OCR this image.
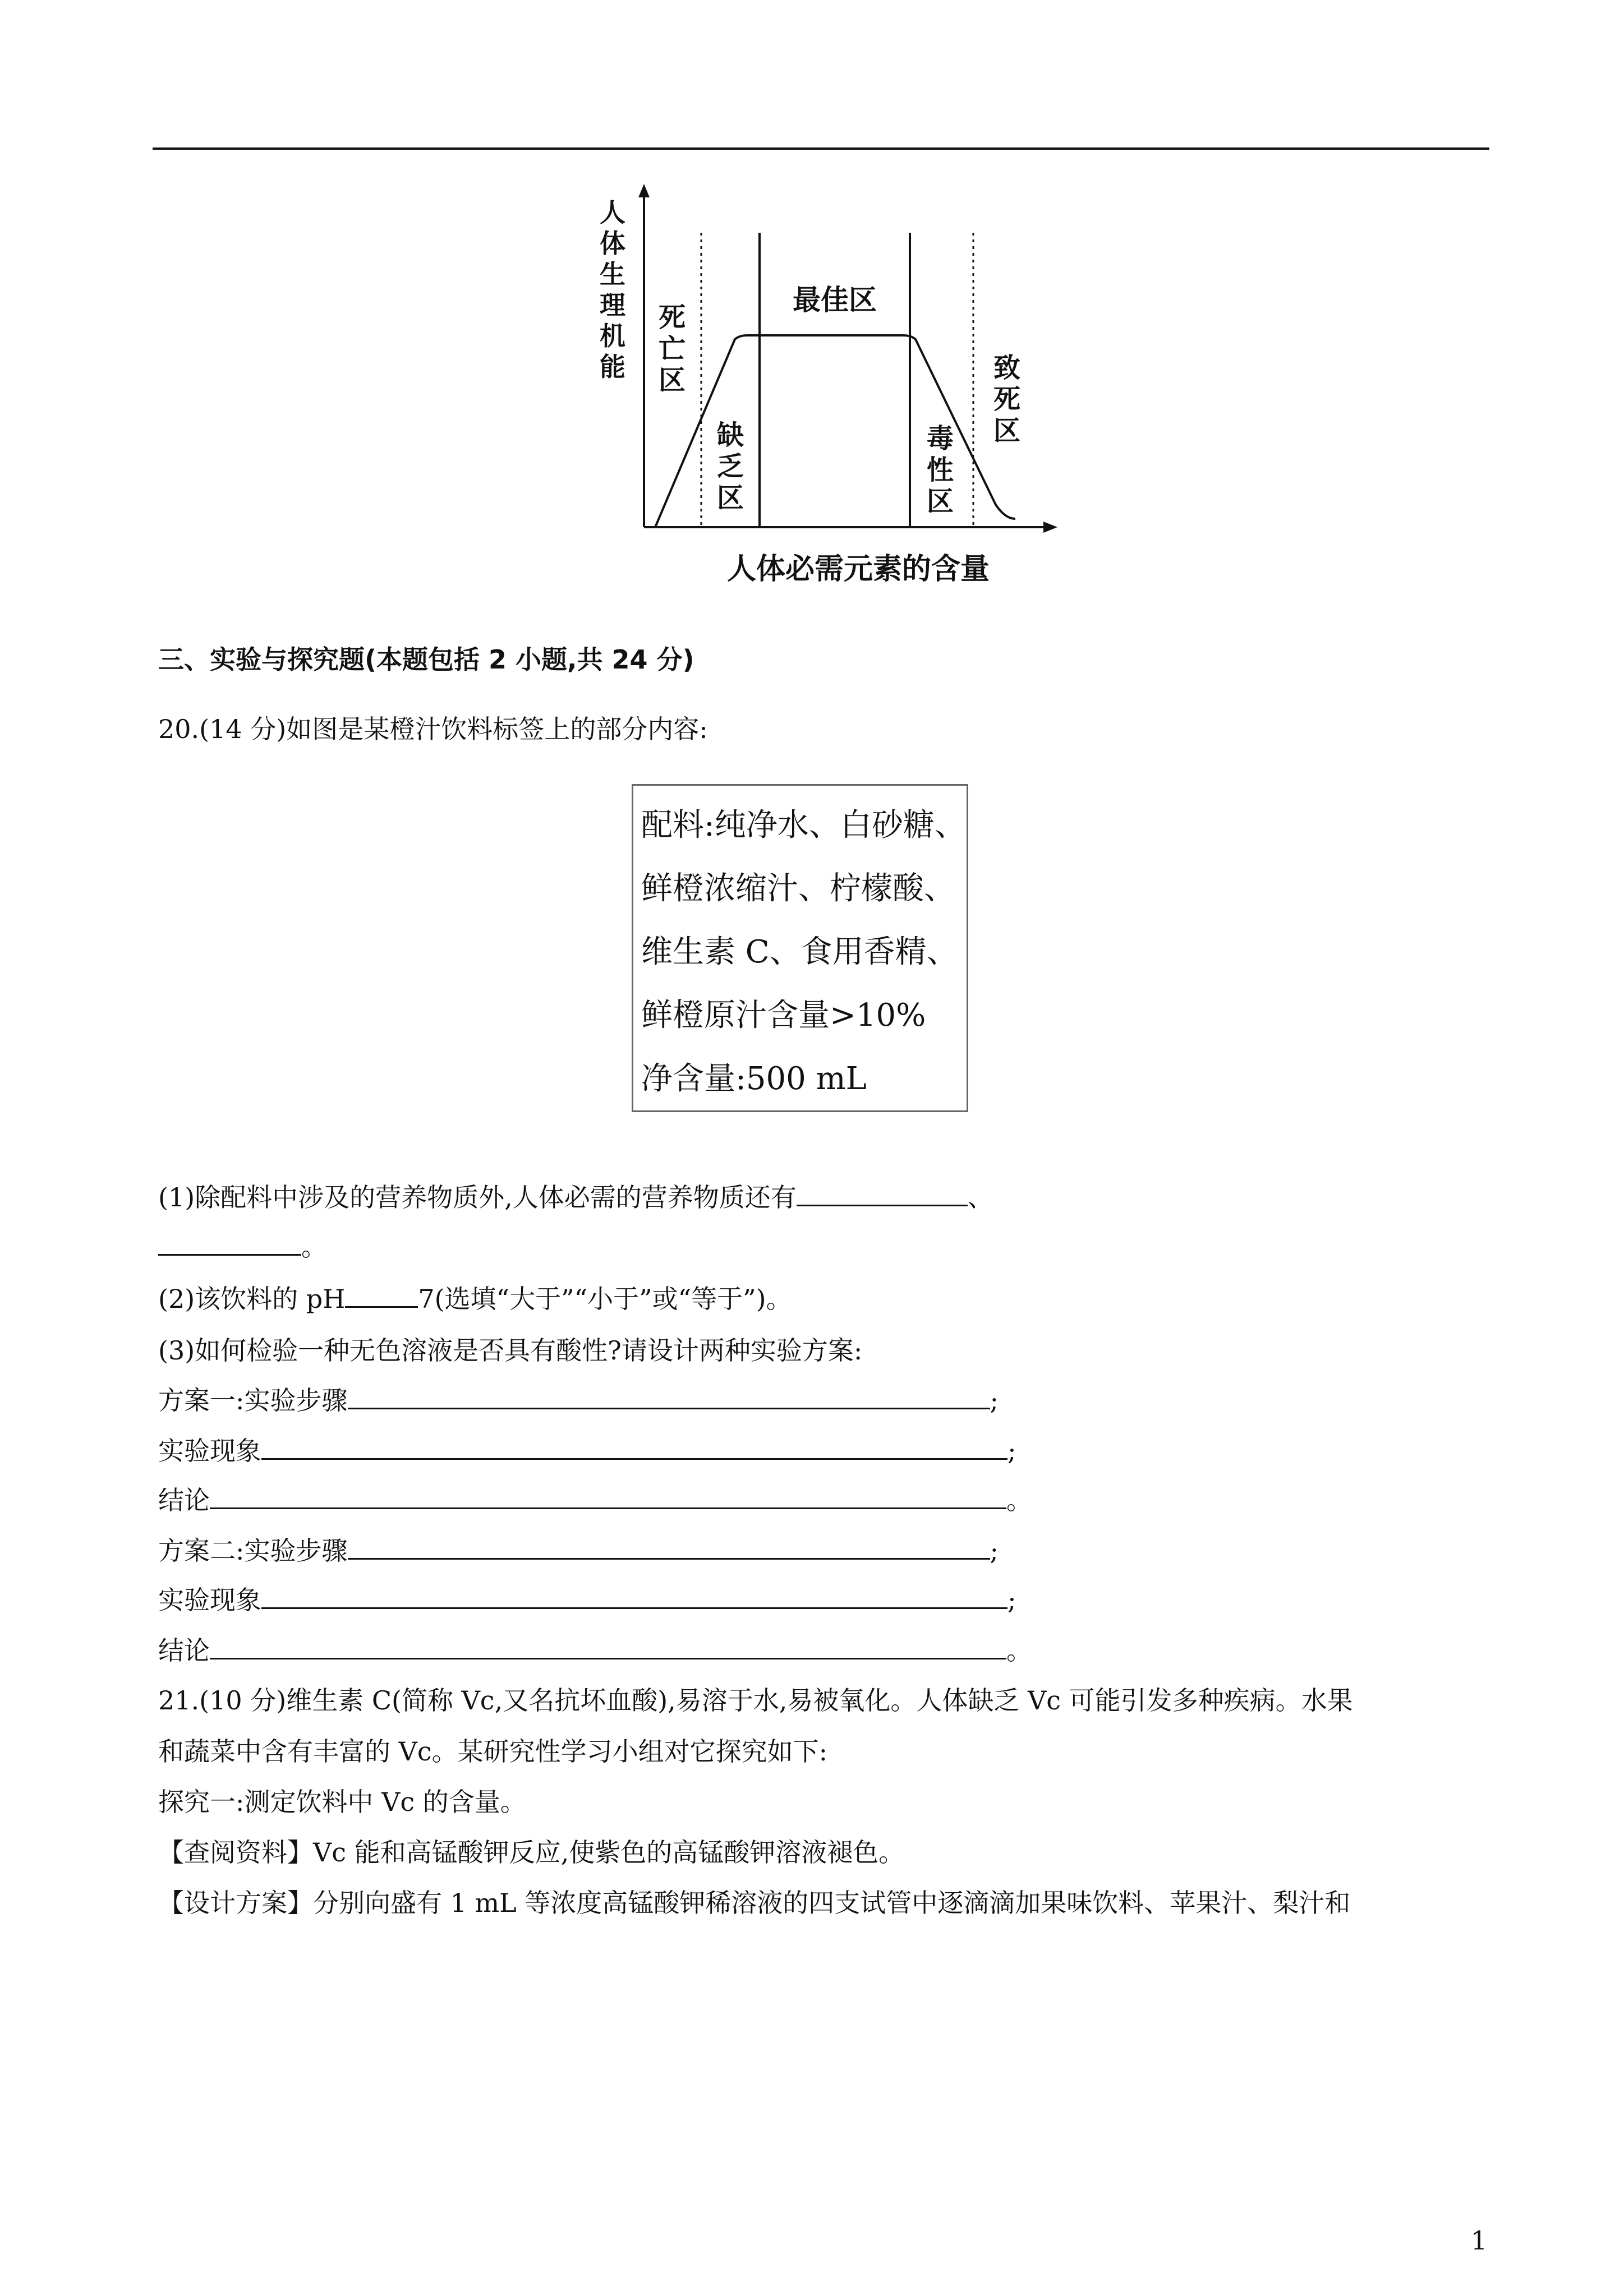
人
体
生
理
机
能
死
亡
区
最佳区
缺
乏
区
毒
性
区
致
死
区
人体必需元素的含量
三、实验与探究题(本题包括 2 小题,共 24 分)
20.(14 分)如图是某橙汁饮料标签上的部分内容:
配料:纯净水、白砂糖、
鲜橙浓缩汁、柠檬酸、
维生素 C、食用香精、
鲜橙原汁含量>10%
净含量:500 mL
(1)除配料中涉及的营养物质外,人体必需的营养物质还有	、
。
(2)该饮料的 pH	7(选填“大于”“小于”或“等于”)。
(3)如何检验一种无色溶液是否具有酸性?请设计两种实验方案:
方案一:实验步骤	;
实验现象	;
结论	。
方案二:实验步骤	;
实验现象	;
结论	。
21.(10 分)维生素 C(简称 Vc,又名抗坏血酸),易溶于水,易被氧化。人体缺乏 Vc 可能引发多种疾病。水果
和蔬菜中含有丰富的 Vc。某研究性学习小组对它探究如下:
探究一:测定饮料中 Vc 的含量。
【查阅资料】Vc 能和高锰酸钾反应,使紫色的高锰酸钾溶液褪色。
【设计方案】分别向盛有 1 mL 等浓度高锰酸钾稀溶液的四支试管中逐滴滴加果味饮料、苹果汁、梨汁和
1
